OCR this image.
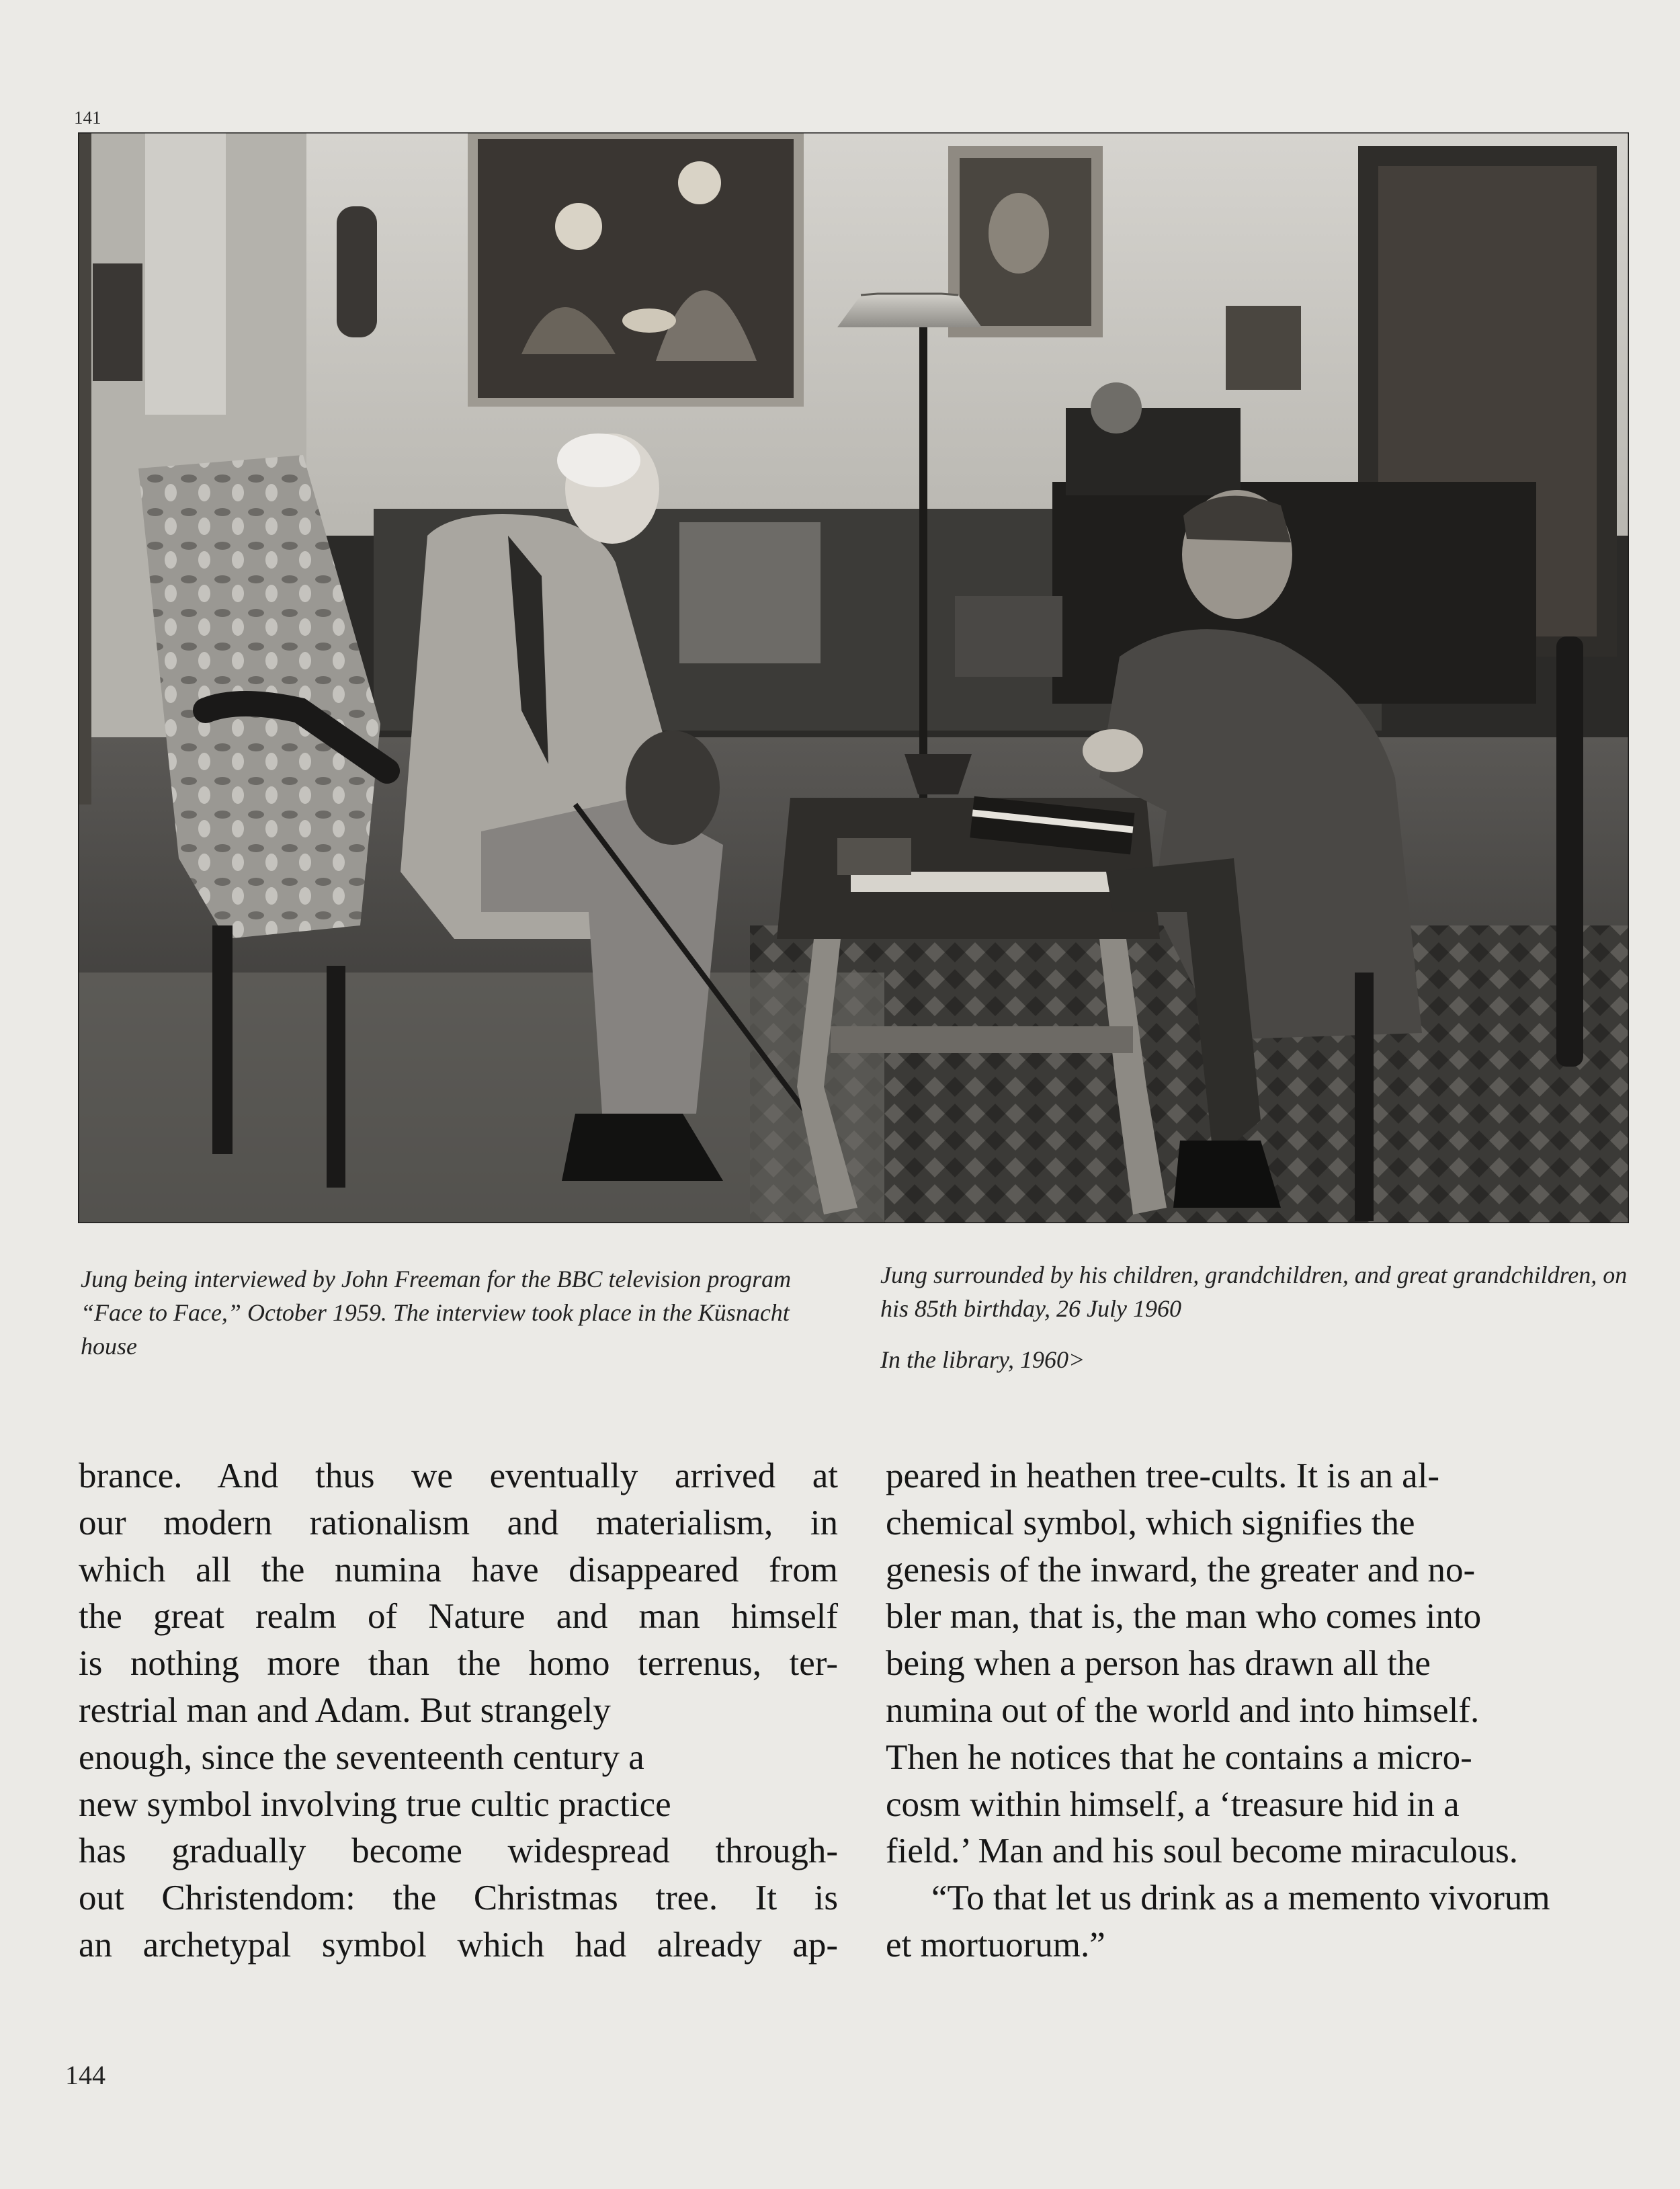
141
Jung being interviewed by John Freeman for the BBC television program “Face to Face,” October 1959. The interview took place in the Küsnacht house

Jung surrounded by his children, grandchildren, and great grandchildren, on his 85th birthday, 26 July 1960

In the library, 1960>

brance. And thus we eventually arrived at
our modern rationalism and materialism, in
which all the numina have disappeared from
the great realm of Nature and man himself
is nothing more than the homo terrenus, ter-
restrial man and Adam. But strangely
enough, since the seventeenth century a
new symbol involving true cultic practice
has gradually become widespread through-
out Christendom: the Christmas tree. It is
an archetypal symbol which had already ap-
peared in heathen tree-cults. It is an al-
chemical symbol, which signifies the
genesis of the inward, the greater and no-
bler man, that is, the man who comes into
being when a person has drawn all the
numina out of the world and into himself.
Then he notices that he contains a micro-
cosm within himself, a ‘treasure hid in a
field.’ Man and his soul become miraculous.
“To that let us drink as a memento vivorum
et mortuorum.”
144
